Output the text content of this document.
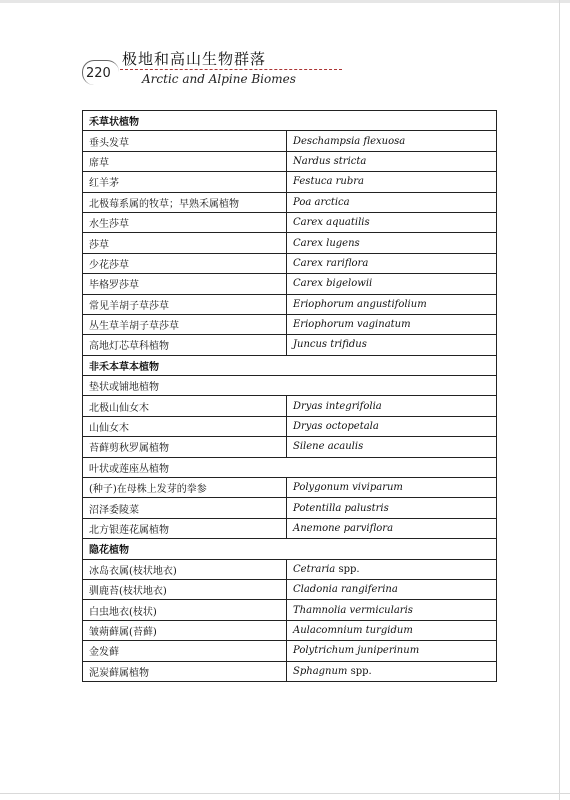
220
极地和高山生物群落
Arctic and Alpine Biomes
禾草状植物	
垂头发草	Deschampsia flexuosa
席草	Nardus stricta
红羊茅	Festuca rubra
北极莓系属的牧草；早熟禾属植物	Poa arctica
水生莎草	Carex aquatilis
莎草	Carex lugens
少花莎草	Carex rariflora
毕格罗莎草	Carex bigelowii
常见羊胡子草莎草	Eriophorum angustifolium
丛生草羊胡子草莎草	Eriophorum vaginatum
高地灯芯草科植物	Juncus trifidus
非禾本草本植物	
垫状或铺地植物	
北极山仙女木	Dryas integrifolia
山仙女木	Dryas octopetala
苔藓剪秋罗属植物	Silene acaulis
叶状或莲座丛植物	
(种子)在母株上发芽的拳参	Polygonum viviparum
沼泽委陵菜	Potentilla palustris
北方银莲花属植物	Anemone parviflora
隐花植物	
冰岛衣属(枝状地衣)	Cetraria spp.
驯鹿苔(枝状地衣)	Cladonia rangiferina
白虫地衣(枝状)	Thamnolia vermicularis
皱蒴藓属(苔藓)	Aulacomnium turgidum
金发藓	Polytrichum juniperinum
泥炭藓属植物	Sphagnum spp.
